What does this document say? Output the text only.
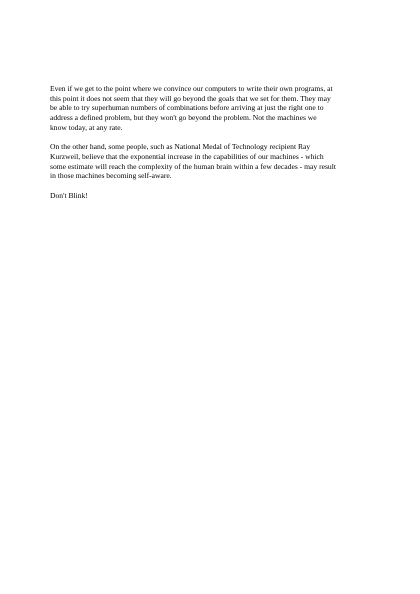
Even if we get to the point where we convince our computers to write their own programs, at
this point it does not seem that they will go beyond the goals that we set for them. They may
be able to try superhuman numbers of combinations before arriving at just the right one to
address a defined problem, but they won't go beyond the problem. Not the machines we
know today, at any rate.

On the other hand, some people, such as National Medal of Technology recipient Ray
Kurzweil, believe that the exponential increase in the capabilities of our machines - which
some estimate will reach the complexity of the human brain within a few decades - may result
in those machines becoming self-aware.

Don't Blink!
